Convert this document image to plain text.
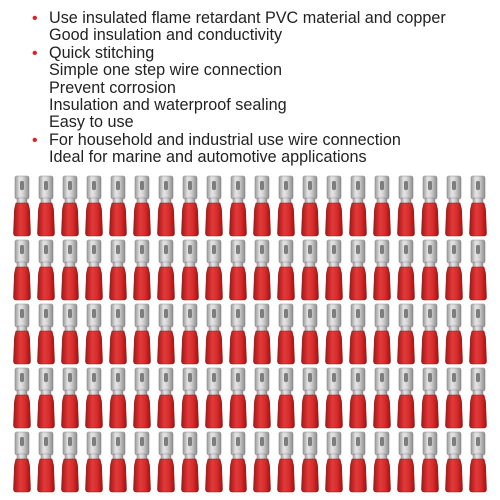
• Use insulated flame retardant PVC material and copper
Good insulation and conductivity
• Quick stitching
Simple one step wire connection
Prevent corrosion
Insulation and waterproof sealing
Easy to use
• For household and industrial use wire connection
Ideal for marine and automotive applications
